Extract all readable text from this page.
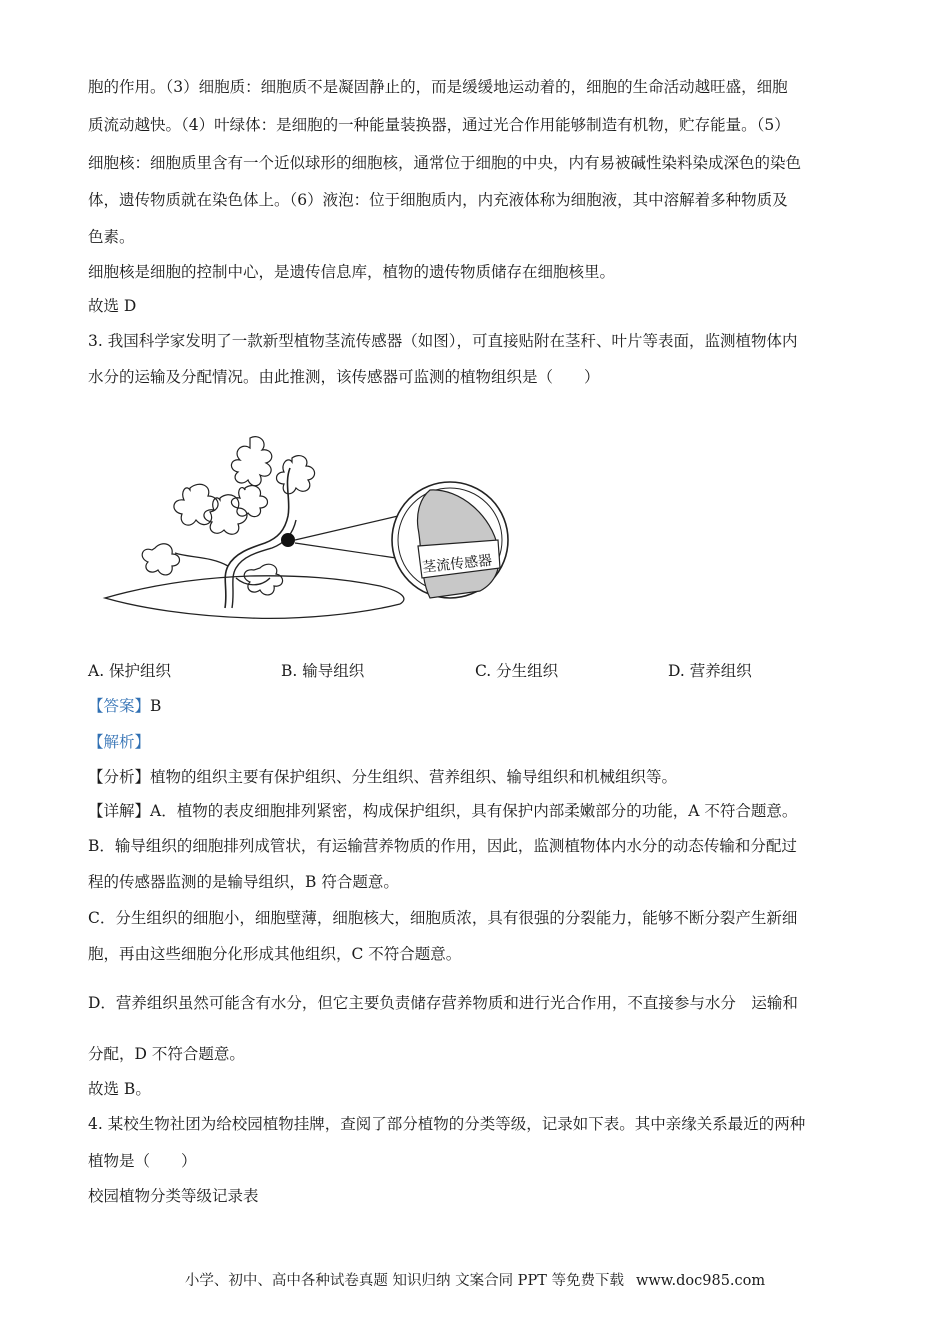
胞的作用。（3）细胞质：细胞质不是凝固静止的，而是缓缓地运动着的，细胞的生命活动越旺盛，细胞
质流动越快。（4）叶绿体：是细胞的一种能量装换器，通过光合作用能够制造有机物，贮存能量。（5）
细胞核：细胞质里含有一个近似球形的细胞核，通常位于细胞的中央，内有易被碱性染料染成深色的染色
体，遗传物质就在染色体上。（6）液泡：位于细胞质内，内充液体称为细胞液，其中溶解着多种物质及
色素。
细胞核是细胞的控制中心，是遗传信息库，植物的遗传物质储存在细胞核里。
故选 D
3. 我国科学家发明了一款新型植物茎流传感器（如图），可直接贴附在茎秆、叶片等表面，监测植物体内
水分的运输及分配情况。由此推测，该传感器可监测的植物组织是（　　）
茎流传感器
A. 保护组织	B. 输导组织	C. 分生组织	D. 营养组织
【答案】B
【解析】
【分析】植物的组织主要有保护组织、分生组织、营养组织、输导组织和机械组织等。
【详解】A．植物的表皮细胞排列紧密，构成保护组织，具有保护内部柔嫩部分的功能，A 不符合题意。
B．输导组织的细胞排列成管状，有运输营养物质的作用，因此，监测植物体内水分的动态传输和分配过
程的传感器监测的是输导组织，B 符合题意。
C．分生组织的细胞小，细胞壁薄，细胞核大，细胞质浓，具有很强的分裂能力，能够不断分裂产生新细
胞，再由这些细胞分化形成其他组织，C 不符合题意。
D．营养组织虽然可能含有水分，但它主要负责储存营养物质和进行光合作用，不直接参与水分　运输和
分配，D 不符合题意。
故选 B。
4. 某校生物社团为给校园植物挂牌，查阅了部分植物的分类等级，记录如下表。其中亲缘关系最近的两种
植物是（　　）
校园植物分类等级记录表
小学、初中、高中各种试卷真题 知识归纳 文案合同 PPT 等免费下载 www.doc985.com
